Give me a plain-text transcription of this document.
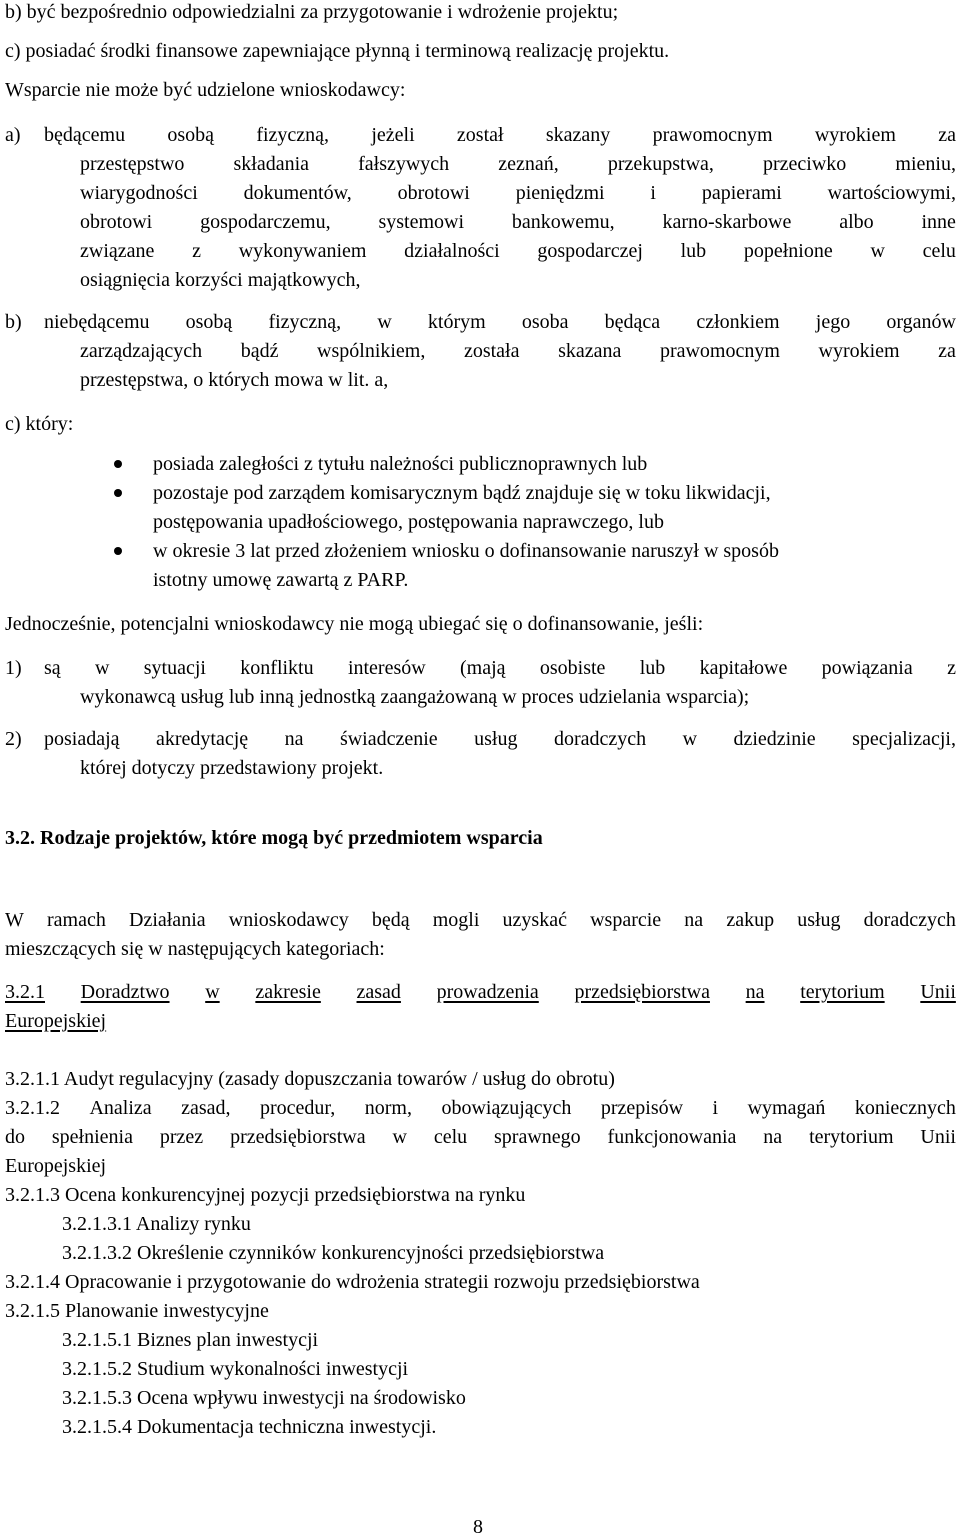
b) być bezpośrednio odpowiedzialni za przygotowanie i wdrożenie projektu;
c) posiadać środki finansowe zapewniające płynną i terminową realizację projektu.
Wsparcie nie może być udzielone wnioskodawcy:
a) będącemu osobą fizyczną, jeżeli został skazany prawomocnym wyrokiem za
przestępstwo składania fałszywych zeznań, przekupstwa, przeciwko mieniu,
wiarygodności dokumentów, obrotowi pieniędzmi i papierami wartościowymi,
obrotowi gospodarczemu, systemowi bankowemu, karno-skarbowe albo inne
związane z wykonywaniem działalności gospodarczej lub popełnione w celu
osiągnięcia korzyści majątkowych,
b) niebędącemu osobą fizyczną, w którym osoba będąca członkiem jego organów
zarządzających bądź wspólnikiem, została skazana prawomocnym wyrokiem za
przestępstwa, o których mowa w lit. a,
c) który:
posiada zaległości z tytułu należności publicznoprawnych lub
pozostaje pod zarządem komisarycznym bądź znajduje się w toku likwidacji,
postępowania upadłościowego, postępowania naprawczego, lub
w okresie 3 lat przed złożeniem wniosku o dofinansowanie naruszył w sposób
istotny umowę zawartą z PARP.
Jednocześnie, potencjalni wnioskodawcy nie mogą ubiegać się o dofinansowanie, jeśli:
1) są w sytuacji konfliktu interesów (mają osobiste lub kapitałowe powiązania z
wykonawcą usług lub inną jednostką zaangażowaną w proces udzielania wsparcia);
2) posiadają akredytację na świadczenie usług doradczych w dziedzinie specjalizacji,
której dotyczy przedstawiony projekt.
3.2. Rodzaje projektów, które mogą być przedmiotem wsparcia
W ramach Działania wnioskodawcy będą mogli uzyskać wsparcie na zakup usług doradczych
mieszczących się w następujących kategoriach:
3.2.1 Doradztwo w zakresie zasad prowadzenia przedsiębiorstwa na terytorium Unii
Europejskiej
3.2.1.1 Audyt regulacyjny (zasady dopuszczania towarów / usług do obrotu)
3.2.1.2 Analiza zasad, procedur, norm, obowiązujących przepisów i wymagań koniecznych
do spełnienia przez przedsiębiorstwa w celu sprawnego funkcjonowania na terytorium Unii
Europejskiej
3.2.1.3 Ocena konkurencyjnej pozycji przedsiębiorstwa na rynku
3.2.1.3.1 Analizy rynku
3.2.1.3.2 Określenie czynników konkurencyjności przedsiębiorstwa
3.2.1.4 Opracowanie i przygotowanie do wdrożenia strategii rozwoju przedsiębiorstwa
3.2.1.5 Planowanie inwestycyjne
3.2.1.5.1 Biznes plan inwestycji
3.2.1.5.2 Studium wykonalności inwestycji
3.2.1.5.3 Ocena wpływu inwestycji na środowisko
3.2.1.5.4 Dokumentacja techniczna inwestycji.
8
